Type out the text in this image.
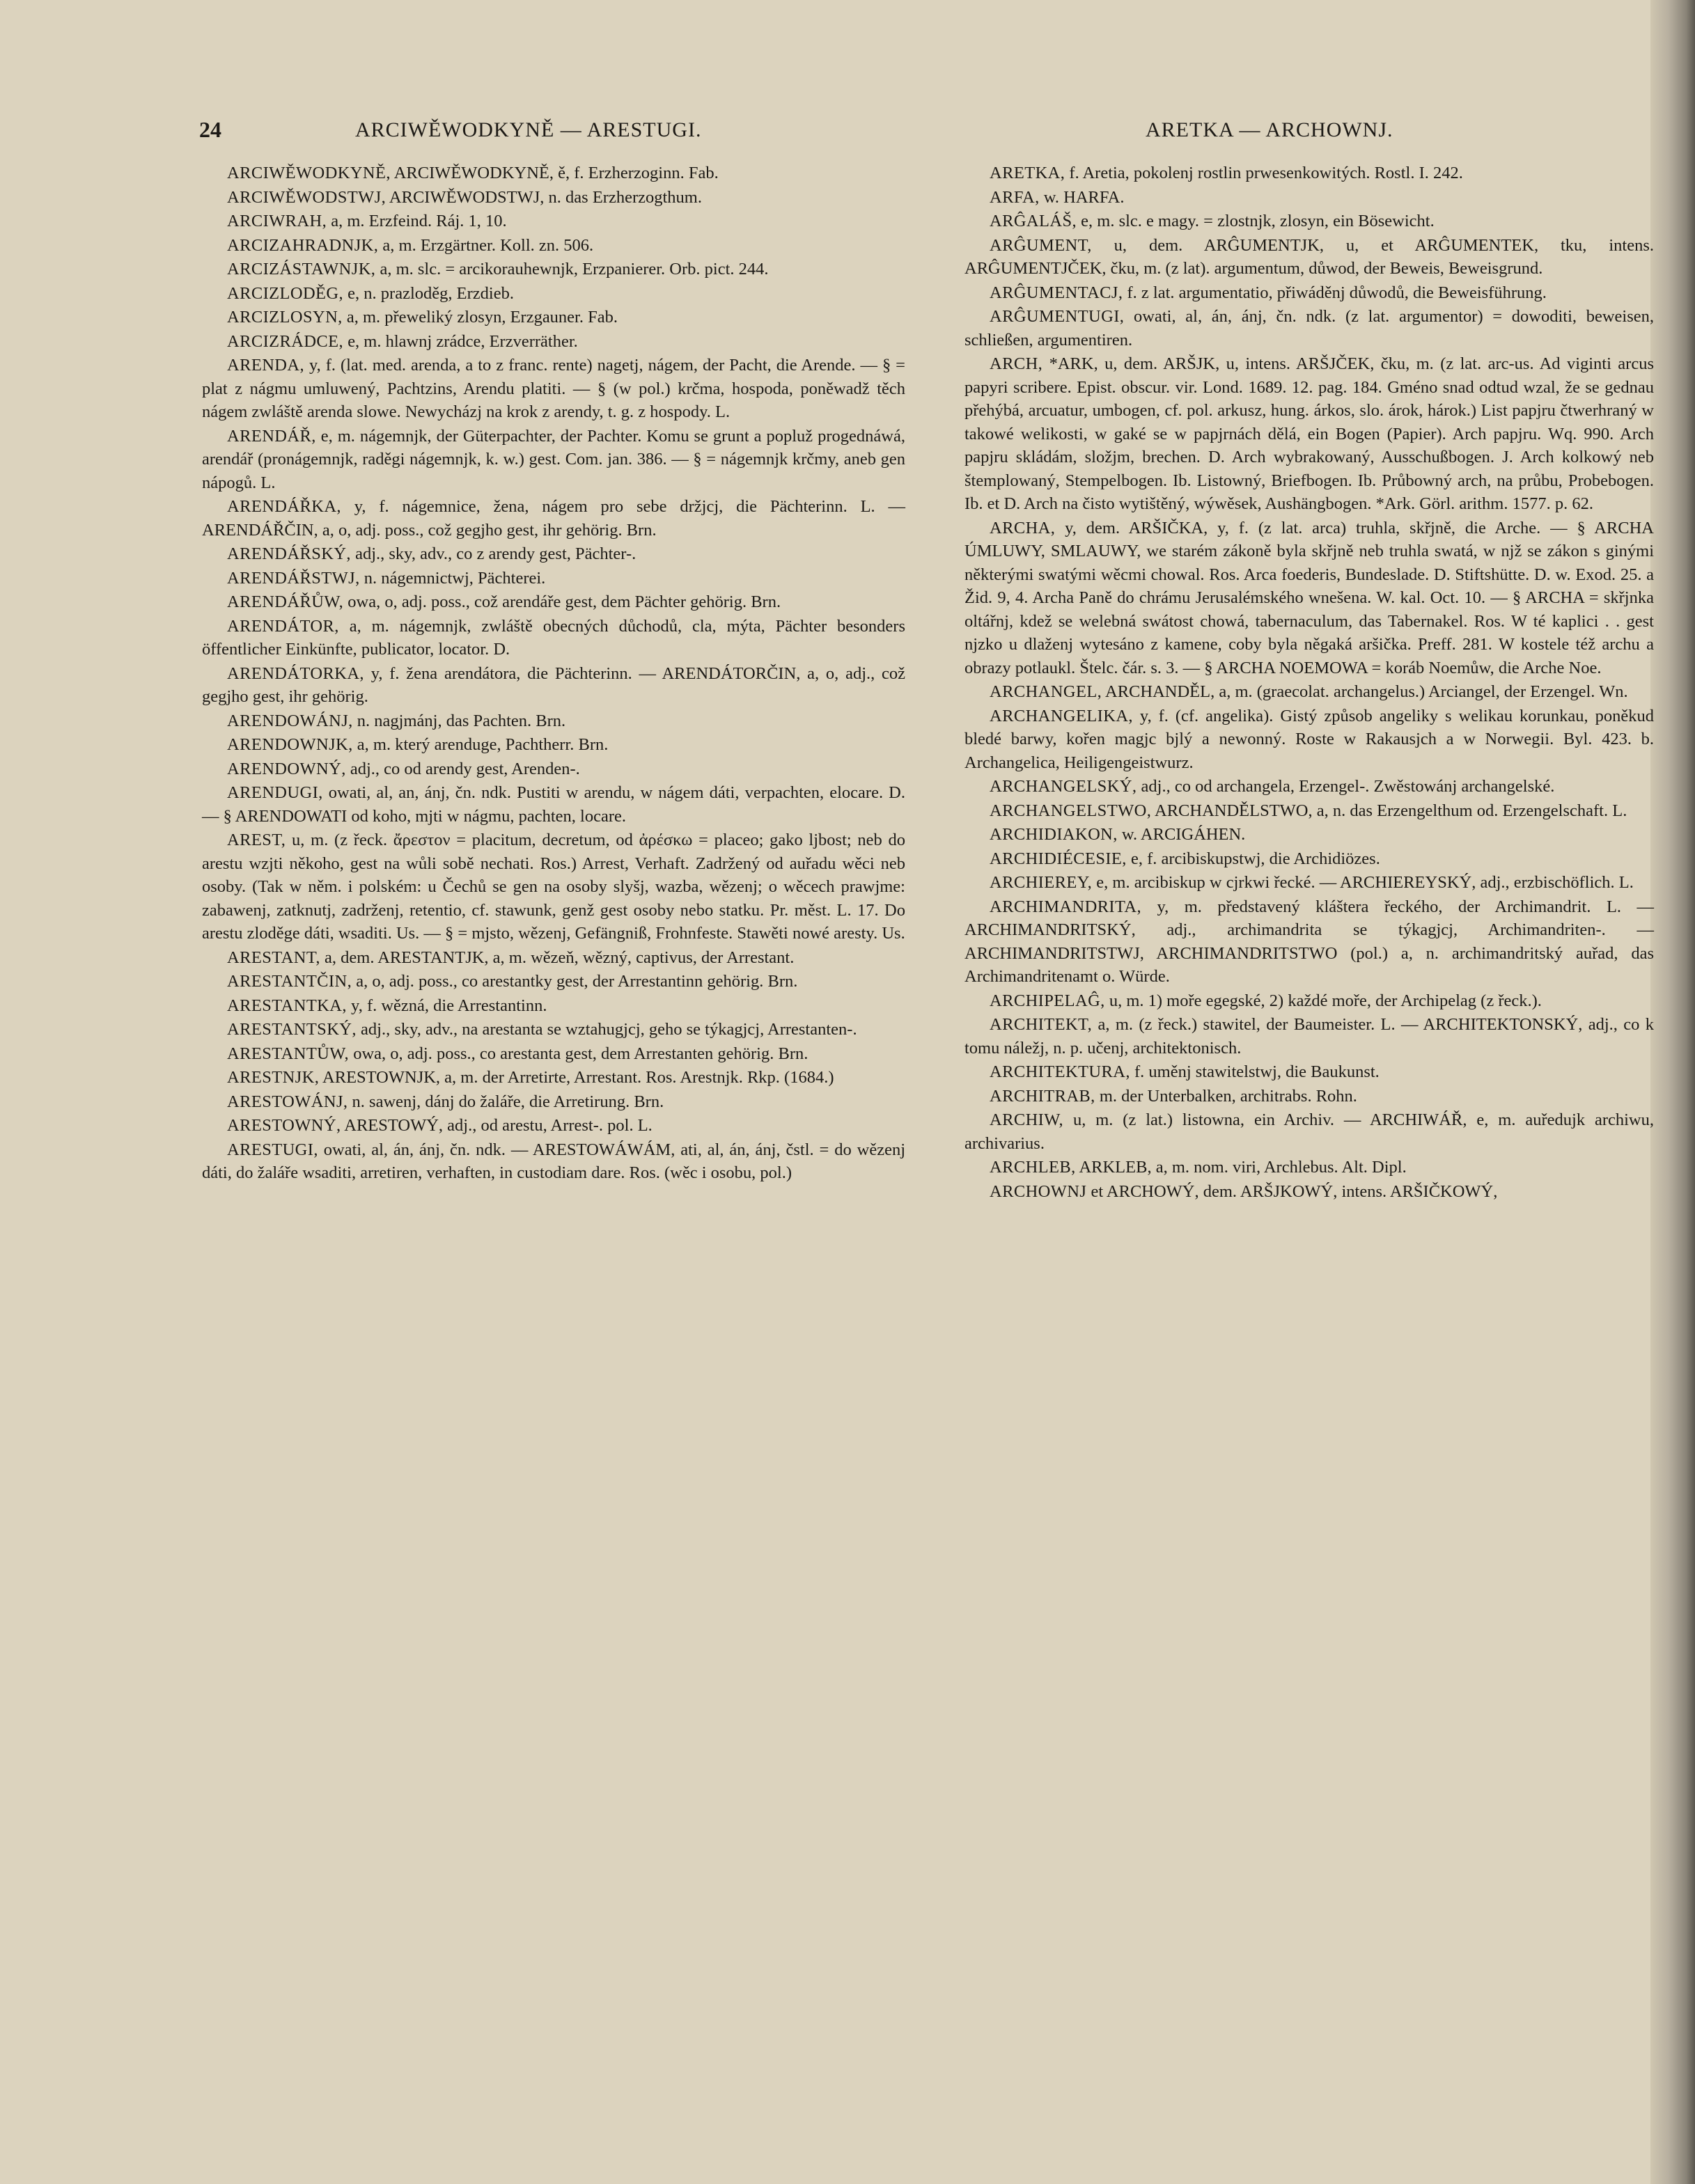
24	ARCIWĚWODKYNĚ — ARESTUGI.	ARETKA — ARCHOWNJ.

ARCIWĚWODKYNĚ, ARCIWĚWODKYNĚ, ě, f. Erzherzoginn. Fab.

ARCIWĚWODSTWJ, ARCIWĚWODSTWJ, n. das Erzherzogthum.

ARCIWRAH, a, m. Erzfeind. Ráj. 1, 10.

ARCIZAHRADNJK, a, m. Erzgärtner. Koll. zn. 506.

ARCIZÁSTAWNJK, a, m. slc. = arcikorauhewnjk, Erzpanierer. Orb. pict. 244.

ARCIZLODĚG, e, n. prazloděg, Erzdieb.

ARCIZLOSYN, a, m. přeweliký zlosyn, Erzgauner. Fab.

ARCIZRÁDCE, e, m. hlawnj zrádce, Erzverräther.

ARENDA, y, f. (lat. med. arenda, a to z franc. rente) nagetj, nágem, der Pacht, die Arende. — § = plat z nágmu umluwený, Pachtzins, Arendu platiti. — § (w pol.) krčma, hospoda, poněwadž těch nágem zwláště arenda slowe. Newycházj na krok z arendy, t. g. z hospody. L.

ARENDÁŘ, e, m. nágemnjk, der Güterpachter, der Pachter. Komu se grunt a popluž progednáwá, arendář (pronágemnjk, raděgi nágemnjk, k. w.) gest. Com. jan. 386. — § = nágemnjk krčmy, aneb gen nápogů. L.

ARENDÁŘKA, y, f. nágemnice, žena, nágem pro sebe držjcj, die Pächterinn. L. — ARENDÁŘČIN, a, o, adj. poss., což gegjho gest, ihr gehörig. Brn.

ARENDÁŘSKÝ, adj., sky, adv., co z arendy gest, Pächter-.

ARENDÁŘSTWJ, n. nágemnictwj, Pächterei.

ARENDÁŘŮW, owa, o, adj. poss., což arendáře gest, dem Pächter gehörig. Brn.

ARENDÁTOR, a, m. nágemnjk, zwláště obecných důchodů, cla, mýta, Pächter besonders öffentlicher Einkünfte, publicator, locator. D.

ARENDÁTORKA, y, f. žena arendátora, die Pächterinn. — ARENDÁTORČIN, a, o, adj., což gegjho gest, ihr gehörig.

ARENDOWÁNJ, n. nagjmánj, das Pachten. Brn.

ARENDOWNJK, a, m. který arenduge, Pachtherr. Brn.

ARENDOWNÝ, adj., co od arendy gest, Arenden-.

ARENDUGI, owati, al, an, ánj, čn. ndk. Pustiti w arendu, w nágem dáti, verpachten, elocare. D. — § ARENDOWATI od koho, mjti w nágmu, pachten, locare.

AREST, u, m. (z řeck. ἄρεστον = placitum, decretum, od ἀρέσκω = placeo; gako ljbost; neb do arestu wzjti někoho, gest na wůli sobě nechati. Ros.) Arrest, Verhaft. Zadržený od auřadu wěci neb osoby. (Tak w něm. i polském: u Čechů se gen na osoby slyšj, wazba, wězenj; o wěcech prawjme: zabawenj, zatknutj, zadrženj, retentio, cf. stawunk, genž gest osoby nebo statku. Pr. měst. L. 17. Do arestu zloděge dáti, wsaditi. Us. — § = mjsto, wězenj, Gefängniß, Frohnfeste. Stawěti nowé aresty. Us.

ARESTANT, a, dem. ARESTANTJK, a, m. wězeň, wězný, captivus, der Arrestant.

ARESTANTČIN, a, o, adj. poss., co arestantky gest, der Arrestantinn gehörig. Brn.

ARESTANTKA, y, f. wězná, die Arrestantinn.

ARESTANTSKÝ, adj., sky, adv., na arestanta se wztahugjcj, geho se týkagjcj, Arrestanten-.

ARESTANTŮW, owa, o, adj. poss., co arestanta gest, dem Arrestanten gehörig. Brn.

ARESTNJK, ARESTOWNJK, a, m. der Arretirte, Arrestant. Ros. Arestnjk. Rkp. (1684.)

ARESTOWÁNJ, n. sawenj, dánj do žaláře, die Arretirung. Brn.

ARESTOWNÝ, ARESTOWÝ, adj., od arestu, Arrest-. pol. L.

ARESTUGI, owati, al, án, ánj, čn. ndk. — ARESTOWÁWÁM, ati, al, án, ánj, čstl. = do wězenj dáti, do žaláře wsaditi, arretiren, verhaften, in custodiam dare. Ros. (wěc i osobu, pol.)

ARETKA, f. Aretia, pokolenj rostlin prwesenkowitých. Rostl. I. 242.

ARFA, w. HARFA.

ARĜALÁŠ, e, m. slc. e magy. = zlostnjk, zlosyn, ein Bösewicht.

ARĜUMENT, u, dem. ARĜUMENTJK, u, et ARĜUMENTEK, tku, intens. ARĜUMENTJČEK, čku, m. (z lat). argumentum, důwod, der Beweis, Beweisgrund.

ARĜUMENTACJ, f. z lat. argumentatio, přiwáděnj důwodů, die Beweisführung.

ARĜUMENTUGI, owati, al, án, ánj, čn. ndk. (z lat. argumentor) = dowoditi, beweisen, schließen, argumentiren.

ARCH, *ARK, u, dem. ARŠJK, u, intens. ARŠJČEK, čku, m. (z lat. arc-us. Ad viginti arcus papyri scribere. Epist. obscur. vir. Lond. 1689. 12. pag. 184. Gméno snad odtud wzal, že se gednau přehýbá, arcuatur, umbogen, cf. pol. arkusz, hung. árkos, slo. árok, hárok.) List papjru čtwerhraný w takowé welikosti, w gaké se w papjrnách dělá, ein Bogen (Papier). Arch papjru. Wq. 990. Arch papjru skládám, složjm, brechen. D. Arch wybrakowaný, Ausschußbogen. J. Arch kolkowý neb štemplowaný, Stempelbogen. Ib. Listowný, Briefbogen. Ib. Průbowný arch, na průbu, Probebogen. Ib. et D. Arch na čisto wytištěný, wýwěsek, Aushängbogen. *Ark. Görl. arithm. 1577. p. 62.

ARCHA, y, dem. ARŠIČKA, y, f. (z lat. arca) truhla, skřjně, die Arche. — § ARCHA ÚMLUWY, SMLAUWY, we starém zákoně byla skřjně neb truhla swatá, w njž se zákon s ginými některými swatými wěcmi chowal. Ros. Arca foederis, Bundeslade. D. Stiftshütte. D. w. Exod. 25. a Žid. 9, 4. Archa Paně do chrámu Jerusalémského wnešena. W. kal. Oct. 10. — § ARCHA = skřjnka oltářnj, kdež se welebná swátost chowá, tabernaculum, das Tabernakel. Ros. W té kaplici . . gest njzko u dlaženj wytesáno z kamene, coby byla něgaká aršička. Preff. 281. W kostele též archu a obrazy potlaukl. Štelc. čár. s. 3. — § ARCHA NOEMOWA = koráb Noemůw, die Arche Noe.

ARCHANGEL, ARCHANDĚL, a, m. (graecolat. archangelus.) Arciangel, der Erzengel. Wn.

ARCHANGELIKA, y, f. (cf. angelika). Gistý způsob angeliky s welikau korunkau, poněkud bledé barwy, kořen magjc bjlý a newonný. Roste w Rakausjch a w Norwegii. Byl. 423. b. Archangelica, Heiligengeistwurz.

ARCHANGELSKÝ, adj., co od archangela, Erzengel-. Zwěstowánj archangelské.

ARCHANGELSTWO, ARCHANDĚLSTWO, a, n. das Erzengelthum od. Erzengelschaft. L.

ARCHIDIAKON, w. ARCIGÁHEN.

ARCHIDIÉCESIE, e, f. arcibiskupstwj, die Archidiözes.

ARCHIEREY, e, m. arcibiskup w cjrkwi řecké. — ARCHIEREYSKÝ, adj., erzbischöflich. L.

ARCHIMANDRITA, y, m. představený kláštera řeckého, der Archimandrit. L. — ARCHIMANDRITSKÝ, adj., archimandrita se týkagjcj, Archimandriten-. — ARCHIMANDRITSTWJ, ARCHIMANDRITSTWO (pol.) a, n. archimandritský auřad, das Archimandritenamt o. Würde.

ARCHIPELAĜ, u, m. 1) moře egegské, 2) každé moře, der Archipelag (z řeck.).

ARCHITEKT, a, m. (z řeck.) stawitel, der Baumeister. L. — ARCHITEKTONSKÝ, adj., co k tomu náležj, n. p. učenj, architektonisch.

ARCHITEKTURA, f. uměnj stawitelstwj, die Baukunst.

ARCHITRAB, m. der Unterbalken, architrabs. Rohn.

ARCHIW, u, m. (z lat.) listowna, ein Archiv. — ARCHIWÁŘ, e, m. auředujk archiwu, archivarius.

ARCHLEB, ARKLEB, a, m. nom. viri, Archlebus. Alt. Dipl.

ARCHOWNJ et ARCHOWÝ, dem. ARŠJKOWÝ, intens. ARŠIČKOWÝ,
